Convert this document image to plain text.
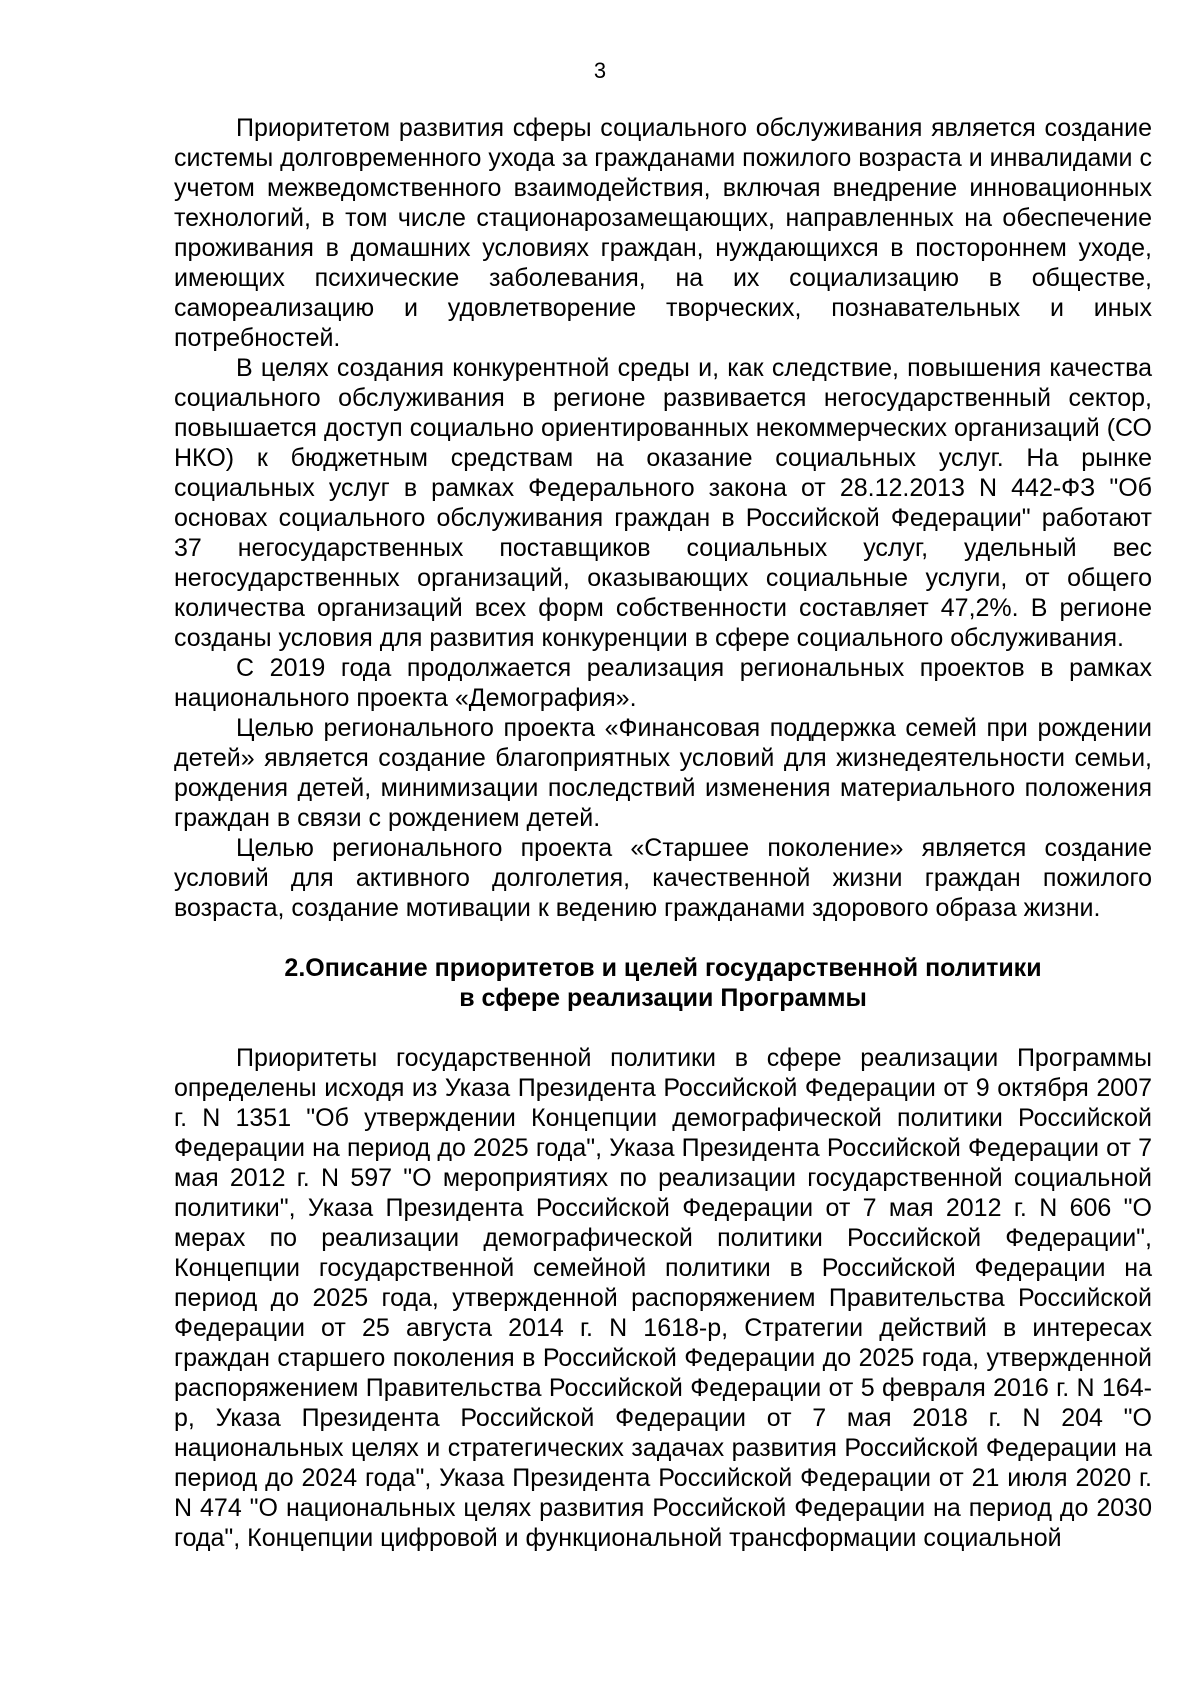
3

Приоритетом развития сферы социального обслуживания является создание системы долговременного ухода за гражданами пожилого возраста и инвалидами с учетом межведомственного взаимодействия, включая внедрение инновационных технологий, в том числе стационарозамещающих, направленных на обеспечение проживания в домашних условиях граждан, нуждающихся в постороннем уходе, имеющих психические заболевания, на их социализацию в обществе, самореализацию и удовлетворение творческих, познавательных и иных потребностей.

В целях создания конкурентной среды и, как следствие, повышения качества социального обслуживания в регионе развивается негосударственный сектор, повышается доступ социально ориентированных некоммерческих организаций (СО НКО) к бюджетным средствам на оказание социальных услуг. На рынке социальных услуг в рамках Федерального закона от 28.12.2013 N 442-ФЗ "Об основах социального обслуживания граждан в Российской Федерации" работают 37 негосударственных поставщиков социальных услуг, удельный вес негосударственных организаций, оказывающих социальные услуги, от общего количества организаций всех форм собственности составляет 47,2%. В регионе созданы условия для развития конкуренции в сфере социального обслуживания.

С 2019 года продолжается реализация региональных проектов в рамках национального проекта «Демография».

Целью регионального проекта «Финансовая поддержка семей при рождении детей» является создание благоприятных условий для жизнедеятельности семьи, рождения детей, минимизации последствий изменения материального положения граждан в связи с рождением детей.

Целью регионального проекта «Старшее поколение» является создание условий для активного долголетия, качественной жизни граждан пожилого возраста, создание мотивации к ведению гражданами здорового образа жизни.

2.Описание приоритетов и целей государственной политики
в сфере реализации Программы

Приоритеты государственной политики в сфере реализации Программы определены исходя из Указа Президента Российской Федерации от 9 октября 2007 г. N 1351 "Об утверждении Концепции демографической политики Российской Федерации на период до 2025 года", Указа Президента Российской Федерации от 7 мая 2012 г. N 597 "О мероприятиях по реализации государственной социальной политики", Указа Президента Российской Федерации от 7 мая 2012 г. N 606 "О мерах по реализации демографической политики Российской Федерации", Концепции государственной семейной политики в Российской Федерации на период до 2025 года, утвержденной распоряжением Правительства Российской Федерации от 25 августа 2014 г. N 1618-р, Стратегии действий в интересах граждан старшего поколения в Российской Федерации до 2025 года, утвержденной распоряжением Правительства Российской Федерации от 5 февраля 2016 г. N 164-р, Указа Президента Российской Федерации от 7 мая 2018 г. N 204 "О национальных целях и стратегических задачах развития Российской Федерации на период до 2024 года", Указа Президента Российской Федерации от 21 июля 2020 г. N 474 "О национальных целях развития Российской Федерации на период до 2030 года", Концепции цифровой и функциональной трансформации социальной
